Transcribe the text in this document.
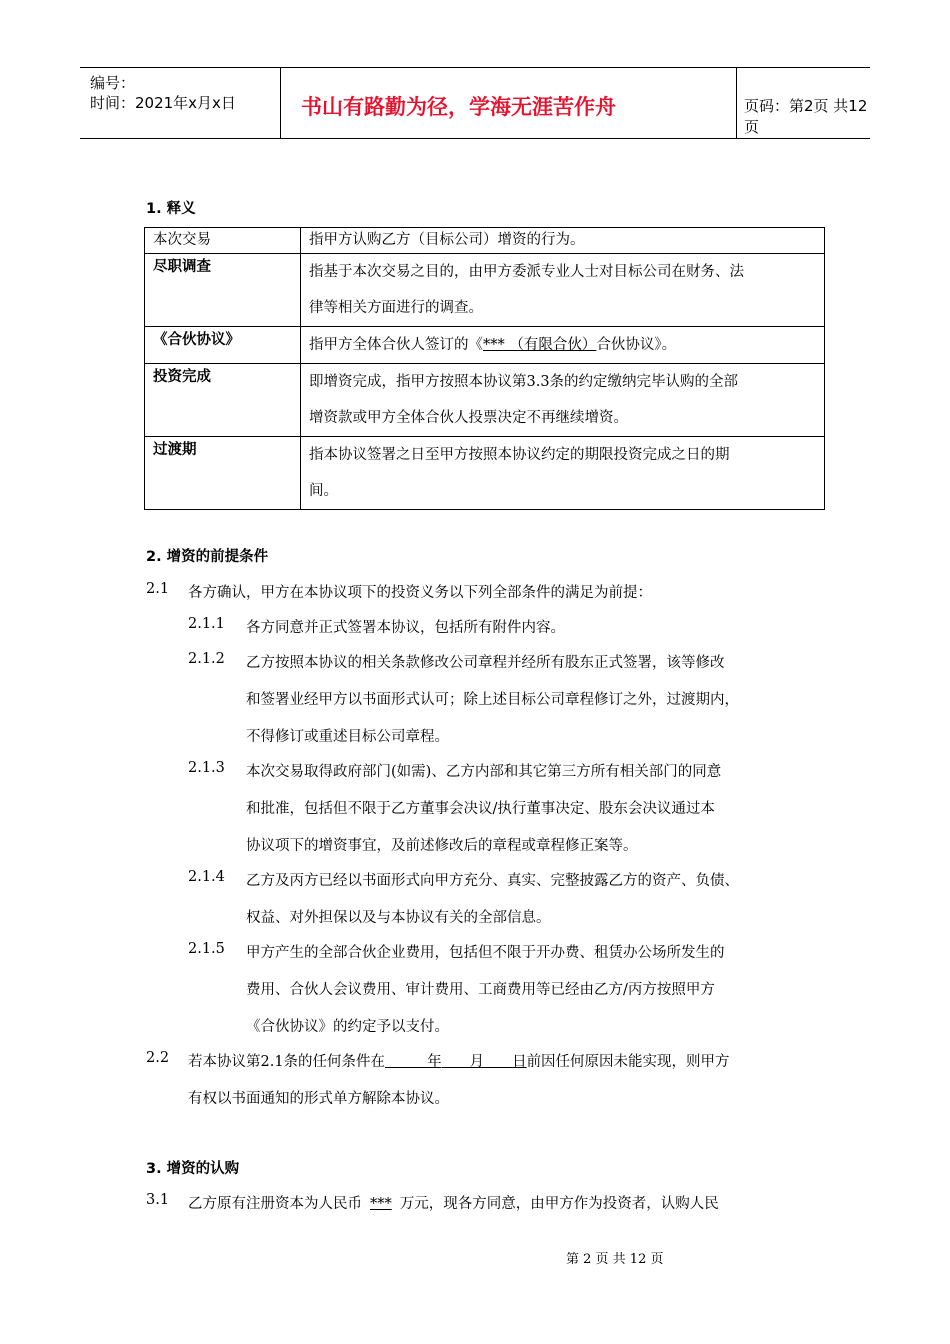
编号：
时间：2021年x月x日	书山有路勤为径，学海无涯苦作舟	页码：第2页 共12页
1. 释义
本次交易	指甲方认购乙方（目标公司）增资的行为。
尽职调查	指基于本次交易之目的，由甲方委派专业人士对目标公司在财务、法
律等相关方面进行的调查。

《合伙协议》	指甲方全体合伙人签订的《*** （有限合伙）合伙协议》。
投资完成	即增资完成，指甲方按照本协议第3.3条的约定缴纳完毕认购的全部
增资款或甲方全体合伙人投票决定不再继续增资。

过渡期	指本协议签署之日至甲方按照本协议约定的期限投资完成之日的期
间。
2. 增资的前提条件
2.1 各方确认，甲方在本协议项下的投资义务以下列全部条件的满足为前提：
2.1.1 各方同意并正式签署本协议，包括所有附件内容。
2.1.2 乙方按照本协议的相关条款修改公司章程并经所有股东正式签署，该等修改
和签署业经甲方以书面形式认可；除上述目标公司章程修订之外，过渡期内，
不得修订或重述目标公司章程。
2.1.3 本次交易取得政府部门(如需)、乙方内部和其它第三方所有相关部门的同意
和批准，包括但不限于乙方董事会决议/执行董事决定、股东会决议通过本
协议项下的增资事宜，及前述修改后的章程或章程修正案等。
2.1.4 乙方及丙方已经以书面形式向甲方充分、真实、完整披露乙方的资产、负债、
权益、对外担保以及与本协议有关的全部信息。
2.1.5 甲方产生的全部合伙企业费用，包括但不限于开办费、租赁办公场所发生的
费用、合伙人会议费用、审计费用、工商费用等已经由乙方/丙方按照甲方
《合伙协议》的约定予以支付。
2.2 若本协议第2.1条的任何条件在	年 月 日前因任何原因未能实现，则甲方
有权以书面通知的形式单方解除本协议。
3. 增资的认购
3.1 乙方原有注册资本为人民币 *** 万元，现各方同意，由甲方作为投资者，认购人民
第 2 页 共 12 页
